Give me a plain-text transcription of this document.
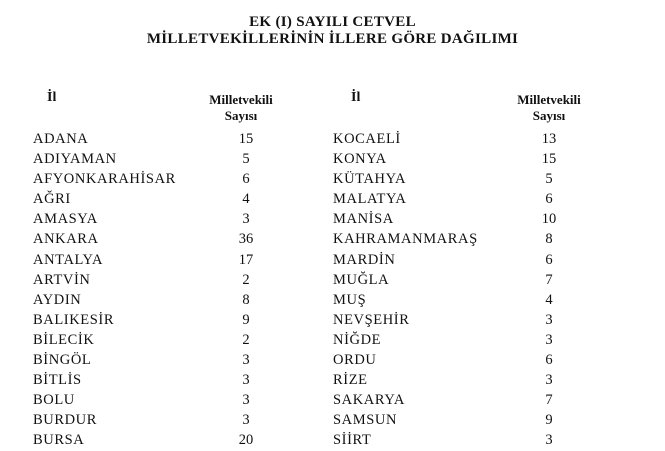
EK (I) SAYILI CETVEL
MİLLETVEKİLLERİNİN İLLERE GÖRE DAĞILIMI
İl	Milletvekili
Sayısı
İl	Milletvekili
Sayısı
ADANA	15
ADIYAMAN	5
AFYONKARAHİSAR	6
AĞRI	4
AMASYA	3
ANKARA	36
ANTALYA	17
ARTVİN	2
AYDIN	8
BALIKESİR	9
BİLECİK	2
BİNGÖL	3
BİTLİS	3
BOLU	3
BURDUR	3
BURSA	20
KOCAELİ	13
KONYA	15
KÜTAHYA	5
MALATYA	6
MANİSA	10
KAHRAMANMARAŞ	8
MARDİN	6
MUĞLA	7
MUŞ	4
NEVŞEHİR	3
NİĞDE	3
ORDU	6
RİZE	3
SAKARYA	7
SAMSUN	9
SİİRT	3
